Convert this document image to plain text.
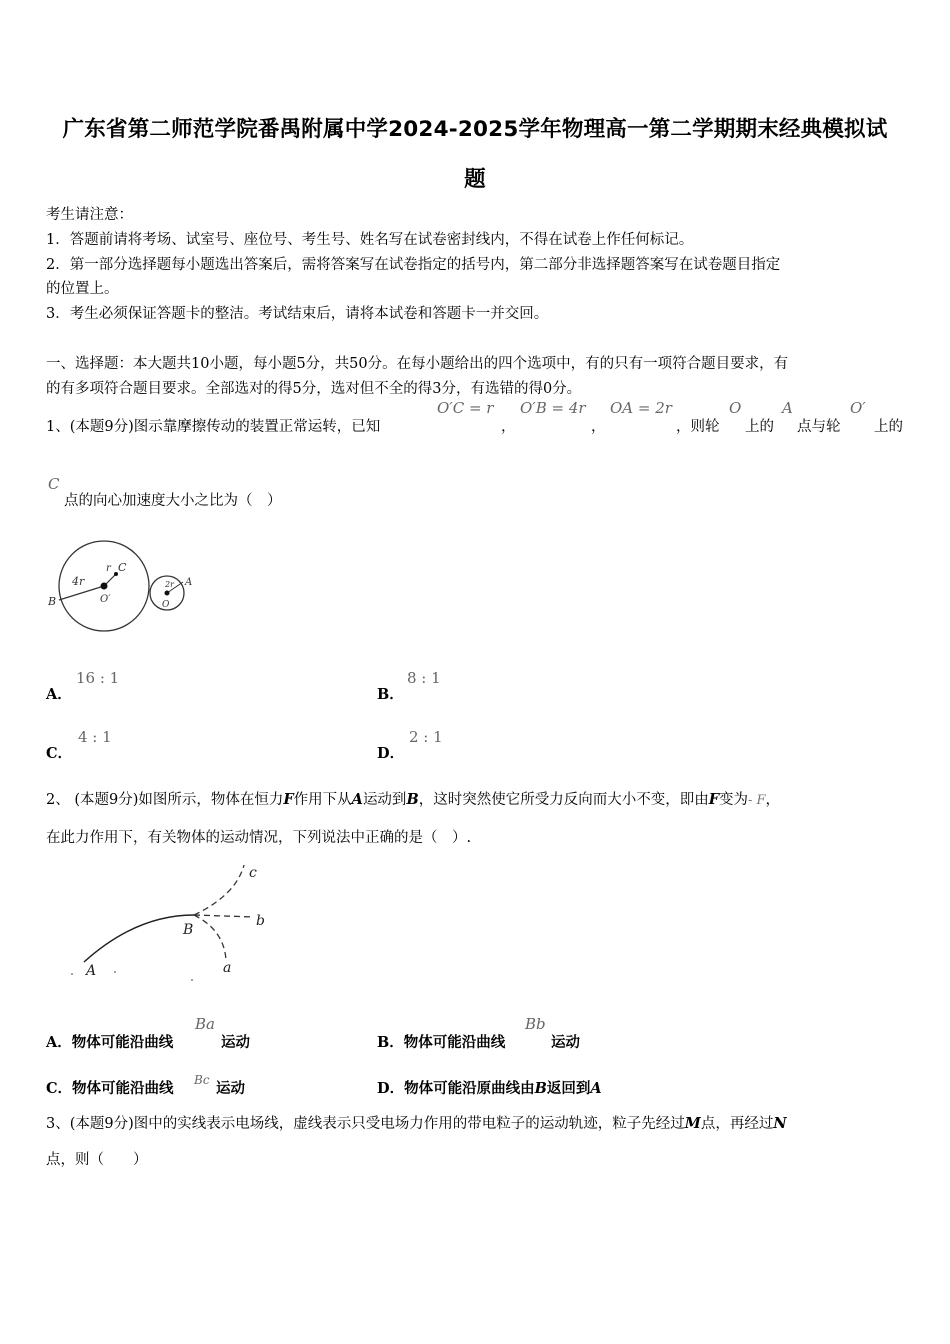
广东省第二师范学院番禺附属中学2024-2025学年物理高一第二学期期末经典模拟试
题
考生请注意：
1．答题前请将考场、试室号、座位号、考生号、姓名写在试卷密封线内，不得在试卷上作任何标记。
2．第一部分选择题每小题选出答案后，需将答案写在试卷指定的括号内，第二部分非选择题答案写在试卷题目指定
的位置上。
3．考生必须保证答题卡的整洁。考试结束后，请将本试卷和答题卡一并交回。
一、选择题：本大题共10小题，每小题5分，共50分。在每小题给出的四个选项中，有的只有一项符合题目要求，有
的有多项符合题目要求。全部选对的得5分，选对但不全的得3分，有选错的得0分。
1、(本题9分)图示靠摩擦传动的装置正常运转，已知
O′C = r
，
O′B = 4r
，
OA = 2r
，则轮
O
上的
A
点与轮
O′
上的
C
点的向心加速度大小之比为（　）
4r
r C
B	O′
2r A
O
A．
16 : 1
B．
8 : 1
C．
4 : 1
D．
2 : 1
2、 (本题9分)如图所示，物体在恒力F作用下从A运动到B，这时突然使它所受力反向而大小不变，即由F变为- F，
在此力作用下，有关物体的运动情况，下列说法中正确的是（　）.
c
b
a
B
A
A．物体可能沿曲线
Ba
运动	B．物体可能沿曲线
Bb
运动
C．物体可能沿曲线 Bc 运动	D．物体可能沿原曲线由B返回到A
3、(本题9分)图中的实线表示电场线，虚线表示只受电场力作用的带电粒子的运动轨迹，粒子先经过M点，再经过N
点，则（　　）
